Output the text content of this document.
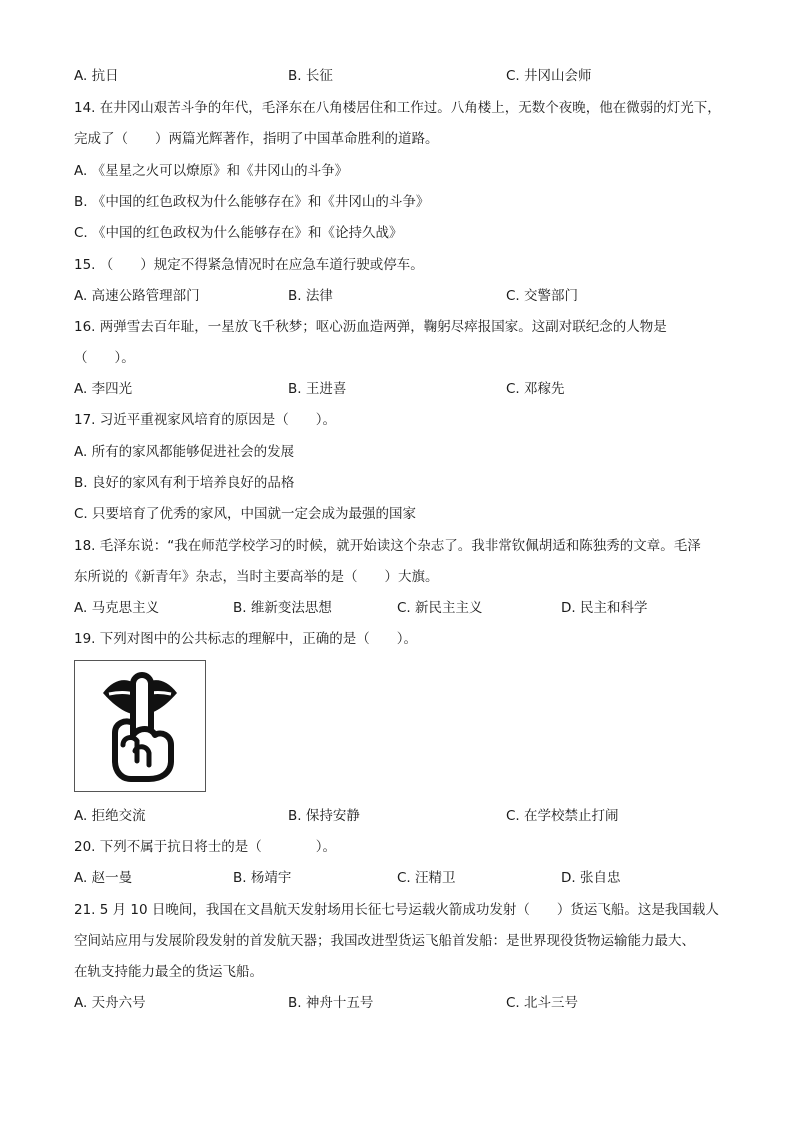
A. 抗日	B. 长征	C. 井冈山会师
14. 在井冈山艰苦斗争的年代，毛泽东在八角楼居住和工作过。八角楼上，无数个夜晚，他在微弱的灯光下，
完成了（　　）两篇光辉著作，指明了中国革命胜利的道路。
A. 《星星之火可以燎原》和《井冈山的斗争》
B. 《中国的红色政权为什么能够存在》和《井冈山的斗争》
C. 《中国的红色政权为什么能够存在》和《论持久战》
15. （　　）规定不得紧急情况时在应急车道行驶或停车。
A. 高速公路管理部门	B. 法律	C. 交警部门
16. 两弹雪去百年耻，一星放飞千秋梦；呕心沥血造两弹，鞠躬尽瘁报国家。这副对联纪念的人物是
（　　）。
A. 李四光	B. 王进喜	C. 邓稼先
17. 习近平重视家风培育的原因是（　　）。
A. 所有的家风都能够促进社会的发展
B. 良好的家风有利于培养良好的品格
C. 只要培育了优秀的家风，中国就一定会成为最强的国家
18. 毛泽东说：“我在师范学校学习的时候，就开始读这个杂志了。我非常钦佩胡适和陈独秀的文章。毛泽
东所说的《新青年》杂志，当时主要高举的是（　　）大旗。
A. 马克思主义	B. 维新变法思想	C. 新民主主义	D. 民主和科学
19. 下列对图中的公共标志的理解中，正确的是（　　）。
A. 拒绝交流	B. 保持安静	C. 在学校禁止打闹
20. 下列不属于抗日将士的是（　　　　）。
A. 赵一曼	B. 杨靖宇	C. 汪精卫	D. 张自忠
21. 5 月 10 日晚间，我国在文昌航天发射场用长征七号运载火箭成功发射（　　）货运飞船。这是我国载人
空间站应用与发展阶段发射的首发航天器；我国改进型货运飞船首发船：是世界现役货物运输能力最大、
在轨支持能力最全的货运飞船。
A. 天舟六号	B. 神舟十五号	C. 北斗三号
